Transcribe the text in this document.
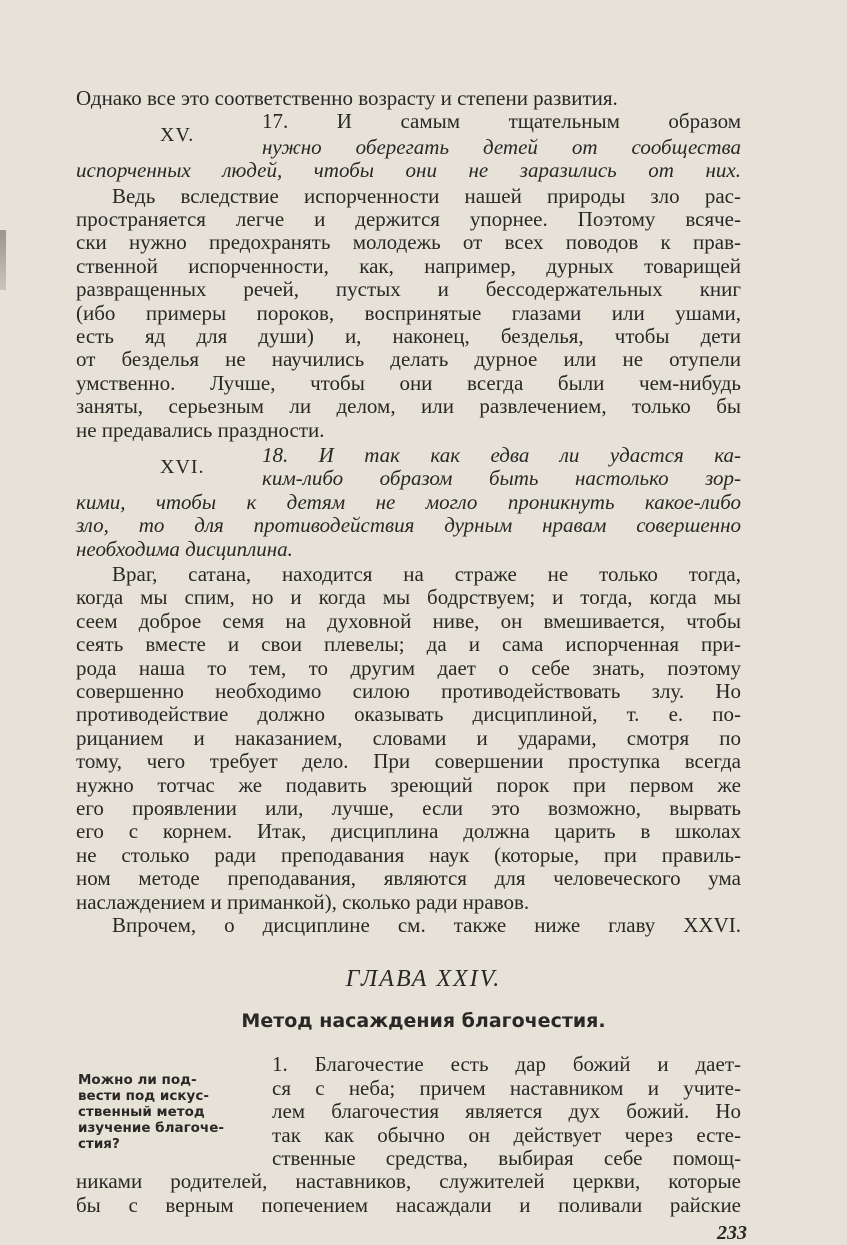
Однако все это соответственно возрасту и степени развития.
XV.
17. И самым тщательным образом
нужно оберегать детей от сообщества
испорченных людей, чтобы они не заразились от них.
Ведь вследствие испорченности нашей природы зло рас-
пространяется легче и держится упорнее. Поэтому всяче-
ски нужно предохранять молодежь от всех поводов к прав-
ственной испорченности, как, например, дурных товарищей
развращенных речей, пустых и бессодержательных книг
(ибо примеры пороков, воспринятые глазами или ушами,
есть яд для души) и, наконец, безделья, чтобы дети
от безделья не научились делать дурное или не отупели
умственно. Лучше, чтобы они всегда были чем-нибудь
заняты, серьезным ли делом, или развлечением, только бы
не предавались праздности.
XVI.	18. И так как едва ли удастся ка-
ким-либо образом быть настолько зор-
кими, чтобы к детям не могло проникнуть какое-либо
зло, то для противодействия дурным нравам совершенно
необходима дисциплина.
Враг, сатана, находится на страже не только тогда,
когда мы спим, но и когда мы бодрствуем; и тогда, когда мы
сеем доброе семя на духовной ниве, он вмешивается, чтобы
сеять вместе и свои плевелы; да и сама испорченная при-
рода наша то тем, то другим дает о себе знать, поэтому
совершенно необходимо силою противодействовать злу. Но
противодействие должно оказывать дисциплиной, т. е. по-
рицанием и наказанием, словами и ударами, смотря по
тому, чего требует дело. При совершении проступка всегда
нужно тотчас же подавить зреющий порок при первом же
его проявлении или, лучше, если это возможно, вырвать
его с корнем. Итак, дисциплина должна царить в школах
не столько ради преподавания наук (которые, при правиль-
ном методе преподавания, являются для человеческого ума
наслаждением и приманкой), сколько ради нравов.
Впрочем, о дисциплине см. также ниже главу XXVI.
ГЛАВА XXIV.
Метод насаждения благочестия.
Можно ли под-
вести под искус-
ственный метод
1. Благочестие есть дар божий и дает-
ся с неба; причем наставником и учите-
лем благочестия является дух божий. Но
так как обычно он действует через есте-
ственные средства, выбирая себе помощ-
233
изучение благоче-
стия?
никами родителей, наставников, служителей церкви, которые
бы с верным попечением насаждали и поливали райские
